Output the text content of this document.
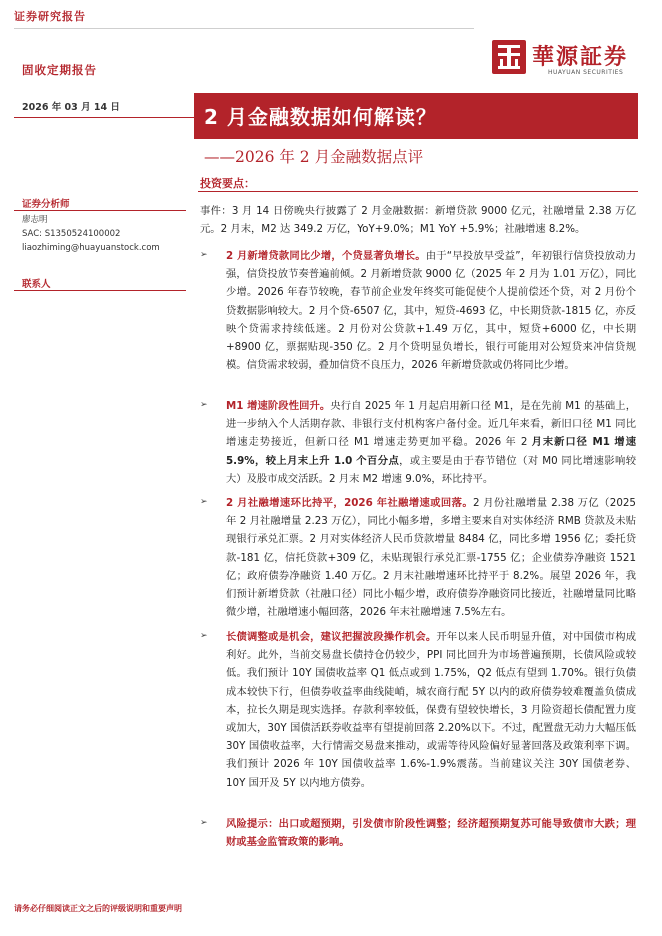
证券研究报告
固收定期报告	華源証券
HUAYUAN SECURITIES
2026 年 03 月 14 日	2 月金融数据如何解读？
——2026 年 2 月金融数据点评
投资要点：
证券分析师
廖志明
SAC: S1350524100002
liaozhiming@huayuanstock.com
联系人
事件：3 月 14 日傍晚央行披露了 2 月金融数据：新增贷款 9000 亿元，社融增量 2.38 万亿元。2 月末，M2 达 349.2 万亿，YoY+9.0%；M1 YoY +5.9%；社融增速 8.2%。
➢ 2 月新增贷款同比少增，个贷显著负增长。由于“早投放早受益”，年初银行信贷投放动力强，信贷投放节奏普遍前倾。2 月新增贷款 9000 亿（2025 年 2 月为 1.01 万亿），同比少增。2026 年春节较晚，春节前企业发年终奖可能促使个人提前偿还个贷，对 2 月份个贷数据影响较大。2 月个贷-6507 亿，其中，短贷-4693 亿，中长期贷款-1815 亿，亦反映个贷需求持续低迷。2 月份对公贷款+1.49 万亿，其中，短贷+6000 亿，中长期+8900 亿，票据贴现-350 亿。2 月个贷明显负增长，银行可能用对公短贷来冲信贷规模。信贷需求较弱，叠加信贷不良压力，2026 年新增贷款或仍将同比少增。
➢ M1 增速阶段性回升。央行自 2025 年 1 月起启用新口径 M1，是在先前 M1 的基础上，进一步纳入个人活期存款、非银行支付机构客户备付金。近几年来看，新旧口径 M1 同比增速走势接近，但新口径 M1 增速走势更加平稳。2026 年 2 月末新口径 M1 增速 5.9%，较上月末上升 1.0 个百分点，或主要是由于春节错位（对 M0 同比增速影响较大）及股市成交活跃。2 月末 M2 增速 9.0%，环比持平。
➢ 2 月社融增速环比持平，2026 年社融增速或回落。2 月份社融增量 2.38 万亿（2025 年 2 月社融增量 2.23 万亿），同比小幅多增，多增主要来自对实体经济 RMB 贷款及未贴现银行承兑汇票。2 月对实体经济人民币贷款增量 8484 亿，同比多增 1956 亿；委托贷款-181 亿，信托贷款+309 亿，未贴现银行承兑汇票-1755 亿；企业债券净融资 1521 亿；政府债券净融资 1.40 万亿。2 月末社融增速环比持平于 8.2%。展望 2026 年，我们预计新增贷款（社融口径）同比小幅少增，政府债券净融资同比接近，社融增量同比略微少增，社融增速小幅回落，2026 年末社融增速 7.5%左右。
➢ 长债调整或是机会，建议把握波段操作机会。开年以来人民币明显升值，对中国债市构成利好。此外，当前交易盘长债持仓仍较少，PPI 同比回升为市场普遍预期，长债风险或较低。我们预计 10Y 国债收益率 Q1 低点或到 1.75%，Q2 低点有望到 1.70%。银行负债成本较快下行，但债券收益率曲线陡峭，城农商行配 5Y 以内的政府债券较难覆盖负债成本，拉长久期是现实选择。存款利率较低，保费有望较快增长，3 月险资超长债配置力度或加大，30Y 国债活跃券收益率有望提前回落 2.20%以下。不过，配置盘无动力大幅压低 30Y 国债收益率，大行情需交易盘来推动，或需等待风险偏好显著回落及政策利率下调。我们预计 2026 年 10Y 国债收益率 1.6%-1.9%震荡。当前建议关注 30Y 国债老券、10Y 国开及 5Y 以内地方债券。
➢ 风险提示：出口或超预期，引发债市阶段性调整；经济超预期复苏可能导致债市大跌；理财或基金监管政策的影响。
请务必仔细阅读正文之后的评级说明和重要声明
